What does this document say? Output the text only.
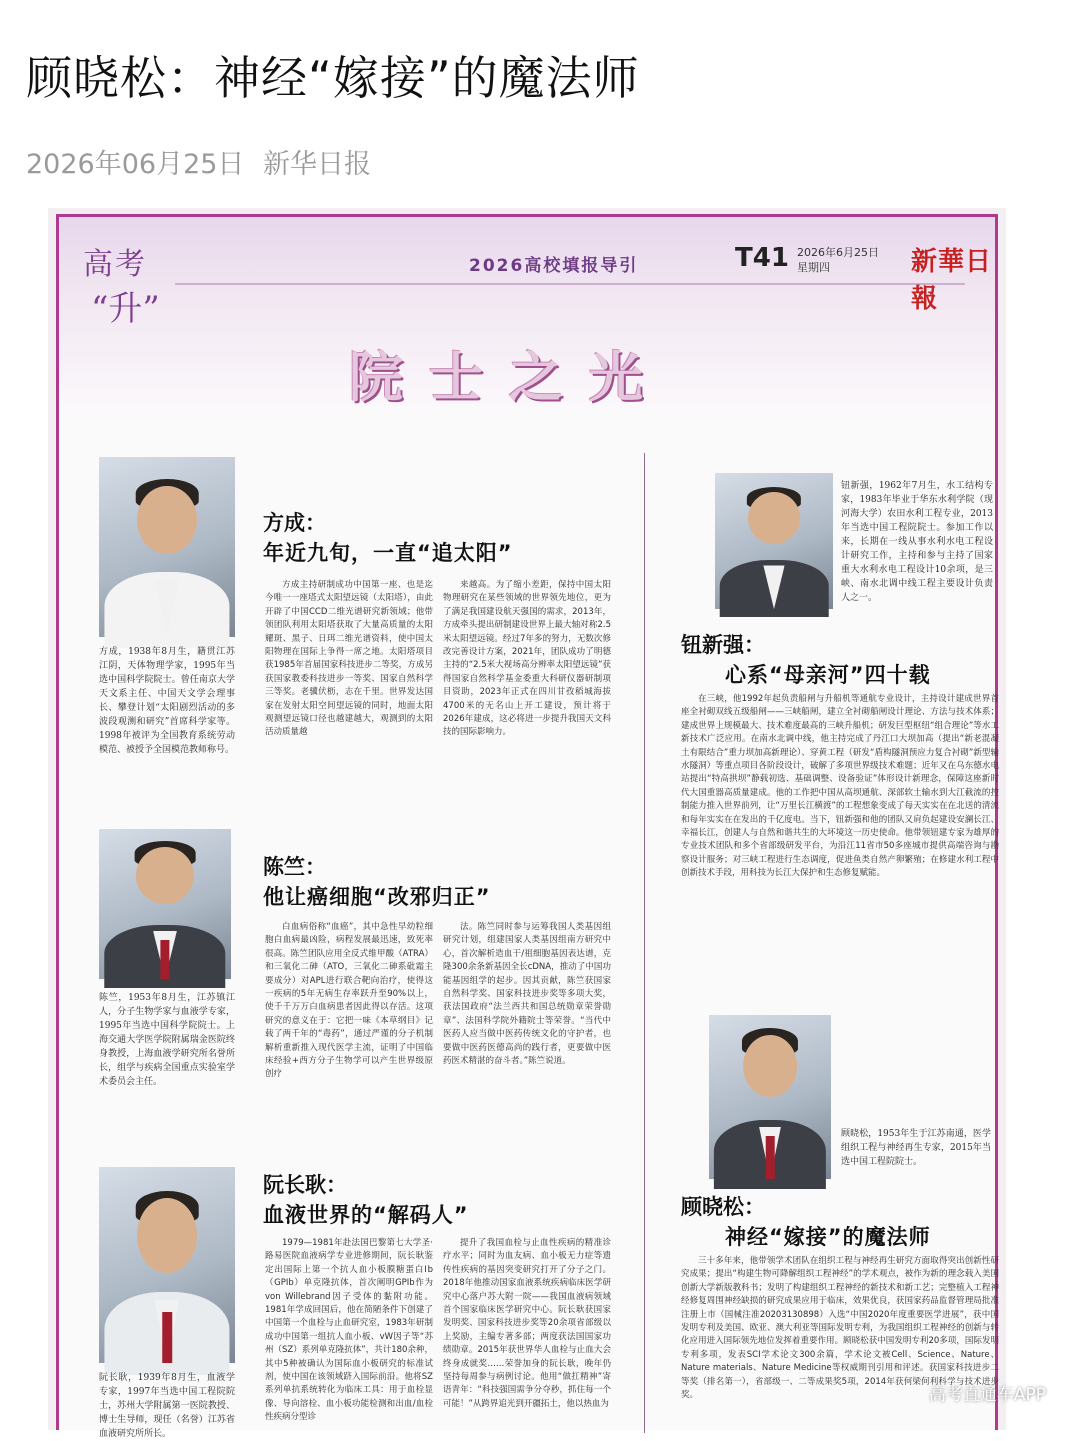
顾晓松：神经“嫁接”的魔法师
2026年06月25日 新华日报
高考
“升”
2026高校填报导引	T41 2026年6月25日
星期四	新華日報
院士之光
方成，1938年8月生，籍贯江苏江阴，天体物理学家，1995年当选中国科学院院士。曾任南京大学天文系主任、中国天文学会理事长、攀登计划“太阳剧烈活动的多波段观测和研究”首席科学家等。1998年被评为全国教育系统劳动模范、被授予全国模范教师称号。
方成：
年近九旬，一直“追太阳”
方成主持研制成功中国第一座、也是迄今唯一一座塔式太阳望远镜（太阳塔），由此开辟了中国CCD二维光谱研究新领域；他带领团队利用太阳塔获取了大量高质量的太阳耀斑、黑子、日珥二维光谱资料，使中国太阳物理在国际上争得一席之地。太阳塔项目获1985年首届国家科技进步二等奖，方成另获国家教委科技进步一等奖、国家自然科学三等奖。老骥伏枥，志在千里。世界发达国家在发射太阳空间望远镜的同时，地面太阳观测望远镜口径也越建越大，观测到的太阳活动质量越
来越高。为了缩小差距，保持中国太阳物理研究在某些领域的世界领先地位，更为了满足我国建设航天强国的需求，2013年，方成牵头提出研制建设世界上最大轴对称2.5米太阳望远镜。经过7年多的努力，无数次修改完善设计方案，2021年，团队成功了明德主持的“2.5米大视场高分辨率太阳望远镜”获得国家自然科学基金委重大科研仪器研制项目资助，2023年正式在四川甘孜稻城海拔4700米的无名山上开工建设，预计将于2026年建成，这必将进一步提升我国天文科技的国际影响力。
陈竺，1953年8月生，江苏镇江人，分子生物学家与血液学专家，1995年当选中国科学院院士。上海交通大学医学院附属瑞金医院终身教授，上海血液学研究所名誉所长，组学与疾病全国重点实验室学术委员会主任。
陈竺：
他让癌细胞“改邪归正”
白血病俗称“血癌”，其中急性早幼粒细胞白血病最凶险，病程发展最迅速，致死率很高。陈竺团队应用全反式维甲酸（ATRA）和三氧化二砷（ATO，三氧化二砷系砒霜主要成分）对APL进行联合靶向治疗，使得这一疾病的5年无病生存率跃升至90%以上，使千千万万白血病患者因此得以存活。这项研究的意义在于：它把一味《本草纲目》记载了两千年的“毒药”，通过严谨的分子机制解析重新推入现代医学主流，证明了中国临床经验+西方分子生物学可以产生世界级原创疗
法。陈竺同时参与运筹我国人类基因组研究计划，组建国家人类基因组南方研究中心，首次解析造血干/祖细胞基因表达谱，克隆300余条新基因全长cDNA，推动了中国功能基因组学的起步。因其贡献，陈竺获国家自然科学奖、国家科技进步奖等多项大奖，获法国政府“法兰西共和国总统勋章荣誉勋章”、法国科学院外籍院士等荣誉。“当代中医药人应当做中医药传统文化的守护者，也要做中医药医德高尚的践行者，更要做中医药医术精湛的奋斗者。”陈竺说道。
阮长耿，1939年8月生，血液学专家，1997年当选中国工程院院士，苏州大学附属第一医院教授、博士生导师，现任（名誉）江苏省血液研究所所长。
阮长耿：
血液世界的“解码人”
1979—1981年赴法国巴黎第七大学圣·路易医院血液病学专业进修期间，阮长耿鉴定出国际上第一个抗人血小板膜糖蛋白Ⅰb（GPIb）单克隆抗体，首次阐明GPIb作为von Willebrand因子受体的黏附功能。1981年学成回国后，他在简陋条件下创建了中国第一个血栓与止血研究室，1983年研制成功中国第一组抗人血小板、vW因子等“苏州（SZ）系列单克隆抗体”，共计180余种，其中5种被确认为国际血小板研究的标准试剂，使中国在该领域跻入国际前沿。他将SZ系列单抗系统转化为临床工具：用于血栓显像、导向溶栓、血小板功能检测和出血/血栓性疾病分型诊
提升了我国血栓与止血性疾病的精准诊疗水平；同时为血友病、血小板无力症等遗传性疾病的基因突变研究打开了分子之门。2018年他推动国家血液系统疾病临床医学研究中心落户苏大附一院——我国血液病领域首个国家临床医学研究中心。阮长耿获国家发明奖、国家科技进步奖等20余项省部级以上奖励，主编专著多部；两度获法国国家功绩勋章。2015年获世界华人血栓与止血大会终身成就奖……荣誉加身的阮长耿，晚年仍坚持每周参与病例讨论。他用“做扛精神”寄语青年：“科技强国需争分夺秒，抓住每一个可能！”从跨界追光到开疆拓土，他以热血为
钮新强，1962年7月生，水工结构专家，1983年毕业于华东水利学院（现河海大学）农田水利工程专业，2013年当选中国工程院院士。参加工作以来，长期在一线从事水利水电工程设计研究工作，主持和参与主持了国家重大水利水电工程设计10余项，是三峡、南水北调中线工程主要设计负责人之一。
钮新强：
心系“母亲河”四十载
在三峡，他1992年起负责船闸与升船机等通航专业设计，主持设计建成世界首座全衬砌双线五级船闸——三峡船闸，建立全衬砌船闸设计理论、方法与技术体系；建成世界上规模最大、技术难度最高的三峡升船机；研发巨型枢纽“组合理论”等水工新技术广泛应用。在南水北调中线，他主持完成了丹江口大坝加高（提出“新老混凝土有限结合”重力坝加高新理论）、穿黄工程（研发“盾构隧洞预应力复合衬砌”新型输水隧洞）等重点项目各阶段设计，破解了多项世界级技术难题；近年又在乌东德水电站提出“特高拱坝”静载初选、基础调整、设备验证”体形设计新理念，保障这座新时代大国重器高质量建成。他的工作把中国从高坝通航、深部软土输水到大江截流的控制能力推入世界前列，让“万里长江横渡”的工程想象变成了每天实实在在北送的清流和每年实实在在发出的千亿度电。当下，钮新强和他的团队又肩负起建设安澜长江、幸福长江，创建人与自然和谐共生的大坏境这一历史使命。他带领钮建专家为雄厚的专业技术团队和多个省部级研发平台，为沿江11省市50多座城市提供高端咨询与勘察设计服务；对三峡工程进行生态调度，促进鱼类自然产卵繁殖；在修建水利工程中创新技术手段，用科技为长江大保护和生态修复赋能。
顾晓松，1953年生于江苏南通，医学组织工程与神经再生专家，2015年当选中国工程院院士。
顾晓松：
神经“嫁接”的魔法师
三十多年来，他带领学术团队在组织工程与神经再生研究方面取得突出创新性研究成果；提出“构建生物可降解组织工程神经”的学术观点，被作为新的理念载入美国创新大学新版教科书；发明了构建组织工程神经的新技术和新工艺；完整植入工程神经修复周围神经缺损的研究成果应用于临床，效果优良，获国家药品监督管理局批准注册上市（国械注准20203130898）入选“中国2020年度重要医学进展”，获中国发明专利及美国、欧亚、澳大利亚等国际发明专利，为我国组织工程神经的创新与转化应用进入国际领先地位发挥着重要作用。顾晓松获中国发明专利20多项，国际发明专利多项，发表SCI学术论文300余篇，学术论文被Cell、Science、Nature、Nature materials、Nature Medicine等权威期刊引用和评述。获国家科技进步二等奖（排名第一），省部级一、二等成果奖5项，2014年获何梁何利科学与技术进步奖。	高考直通车APP
